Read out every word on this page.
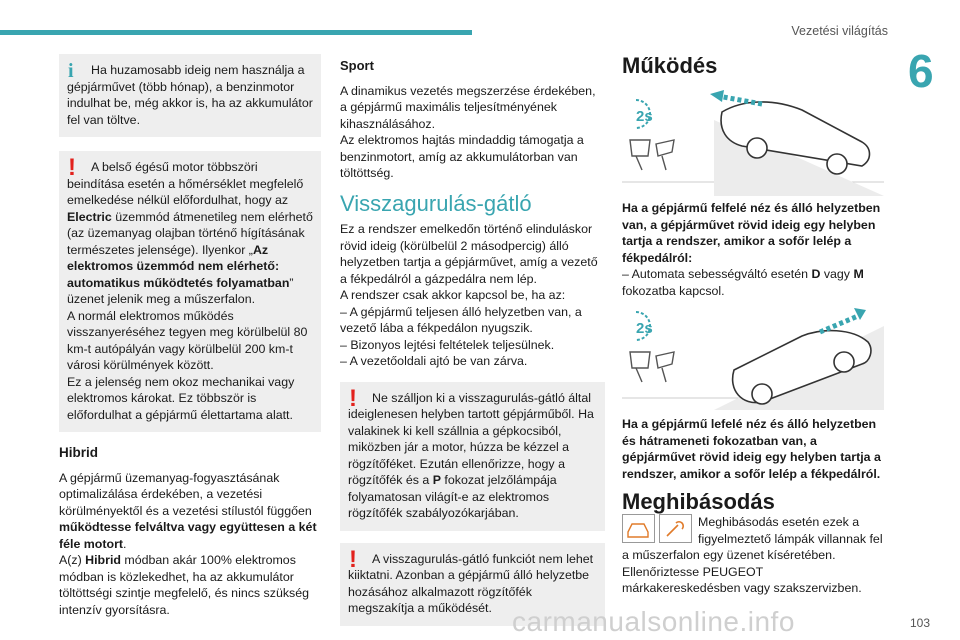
Vezetési világítás
6
i	Ha huzamosabb ideig nem használja a gépjárművet (több hónap), a benzinmotor indulhat be, még akkor is, ha az akkumulátor fel van töltve.

!	A belső égésű motor többszöri beindítása esetén a hőmérséklet megfelelő emelkedése nélkül előfordulhat, hogy az Electric üzemmód átmenetileg nem elérhető (az üzemanyag olajban történő hígításának természetes jelensége). Ilyenkor „Az elektromos üzemmód nem elérhető: automatikus működtetés folyamatban” üzenet jelenik meg a műszerfalon.

A normál elektromos működés visszanyeréséhez tegyen meg körülbelül 80 km-t autópályán vagy körülbelül 200 km-t városi körülmények között.

Ez a jelenség nem okoz mechanikai vagy elektromos károkat. Ez többször is előfordulhat a gépjármű élettartama alatt.

Hibrid

A gépjármű üzemanyag-fogyasztásának optimalizálása érdekében, a vezetési körülményektől és a vezetési stílustól függően működtesse felváltva vagy együttesen a két féle motort.

A(z) Hibrid módban akár 100% elektromos módban is közlekedhet, ha az akkumulátor töltöttségi szintje megfelelő, és nincs szükség intenzív gyorsításra.

Sport

A dinamikus vezetés megszerzése érdekében, a gépjármű maximális teljesítményének kihasználásához.

Az elektromos hajtás mindaddig támogatja a benzinmotort, amíg az akkumulátorban van töltöttség.

Visszagurulás-gátló

Ez a rendszer emelkedőn történő elinduláskor rövid ideig (körülbelül 2 másodpercig) álló helyzetben tartja a gépjárművet, amíg a vezető a fékpedálról a gázpedálra nem lép.

A rendszer csak akkor kapcsol be, ha az:

– A gépjármű teljesen álló helyzetben van, a vezető lába a fékpedálon nyugszik.

– Bizonyos lejtési feltételek teljesülnek.

– A vezetőoldali ajtó be van zárva.

!	Ne szálljon ki a visszagurulás-gátló által ideiglenesen helyben tartott gépjárműből. Ha valakinek ki kell szállnia a gépkocsiból, miközben jár a motor, húzza be kézzel a rögzítőféket. Ezután ellenőrizze, hogy a rögzítőfék és a P fokozat jelzőlámpája folyamatosan világít-e az elektromos rögzítőfék szabályozókarjában.

!	A visszagurulás-gátló funkciót nem lehet kiiktatni. Azonban a gépjármű álló helyzetbe hozásához alkalmazott rögzítőfék megszakítja a működését.

Működés

2s

Ha a gépjármű felfelé néz és álló helyzetben van, a gépjárművet rövid ideig egy helyben tartja a rendszer, amikor a sofőr lelép a fékpedálról:

– Automata sebességváltó esetén D vagy M fokozatba kapcsol.

2s

Ha a gépjármű lefelé néz és álló helyzetben és hátrameneti fokozatban van, a gépjárművet rövid ideig egy helyben tartja a rendszer, amikor a sofőr lelép a fékpedálról.

Meghibásodás

Meghibásodás esetén ezek a figyelmeztető lámpák villannak fel a műszerfalon egy üzenet kíséretében. Ellenőriztesse PEUGEOT márkakereskedésben vagy szakszervizben.

carmanualsonline.info	103
